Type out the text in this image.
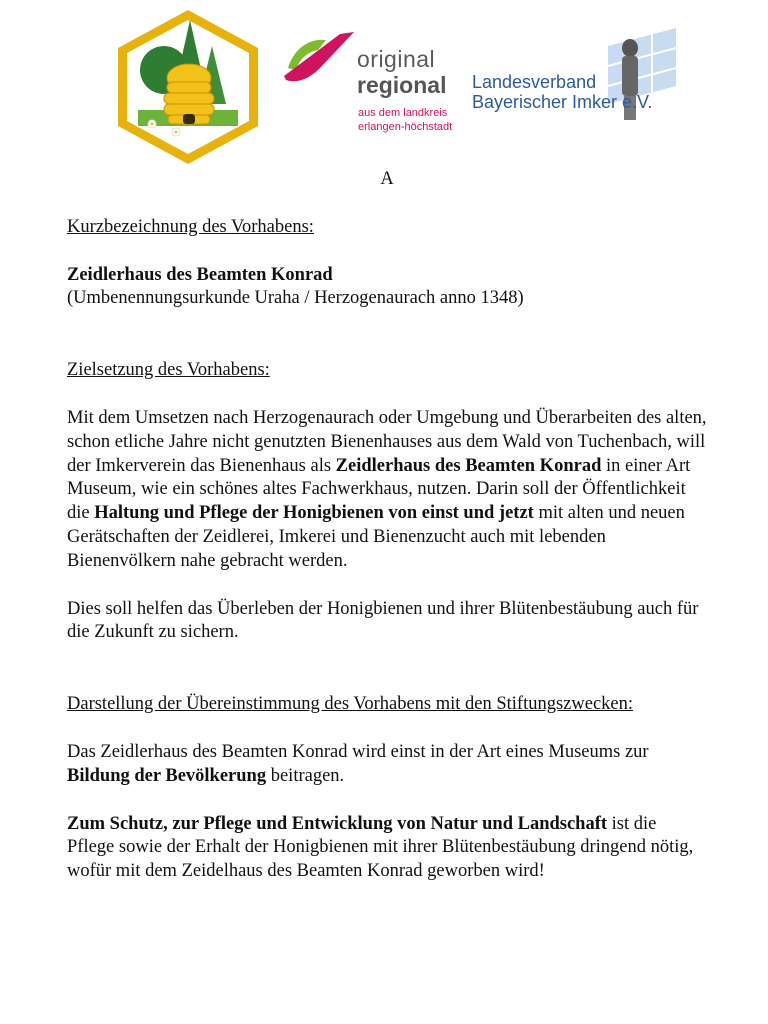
original
regional
aus dem landkreis
erlangen-höchstadt
Landesverband
Bayerischer Imker e.V.

A

Kurzbezeichnung des Vorhabens:

Zeidlerhaus des Beamten Konrad

(Umbenennungsurkunde Uraha / Herzogenaurach anno 1348)

Zielsetzung des Vorhabens:

Mit dem Umsetzen nach Herzogenaurach oder Umgebung und Überarbeiten des alten, schon etliche Jahre nicht genutzten Bienenhauses aus dem Wald von Tuchenbach, will der Imkerverein das Bienenhaus als Zeidlerhaus des Beamten Konrad in einer Art Museum, wie ein schönes altes Fachwerkhaus, nutzen. Darin soll der Öffentlichkeit die Haltung und Pflege der Honigbienen von einst und jetzt mit alten und neuen Gerätschaften der Zeidlerei, Imkerei und Bienenzucht auch mit lebenden Bienenvölkern nahe gebracht werden.

Dies soll helfen das Überleben der Honigbienen und ihrer Blütenbestäubung auch für die Zukunft zu sichern.

Darstellung der Übereinstimmung des Vorhabens mit den Stiftungszwecken:

Das Zeidlerhaus des Beamten Konrad wird einst in der Art eines Museums zur Bildung der Bevölkerung beitragen.

Zum Schutz, zur Pflege und Entwicklung von Natur und Landschaft ist die Pflege sowie der Erhalt der Honigbienen mit ihrer Blütenbestäubung dringend nötig, wofür mit dem Zeidelhaus des Beamten Konrad geworben wird!
